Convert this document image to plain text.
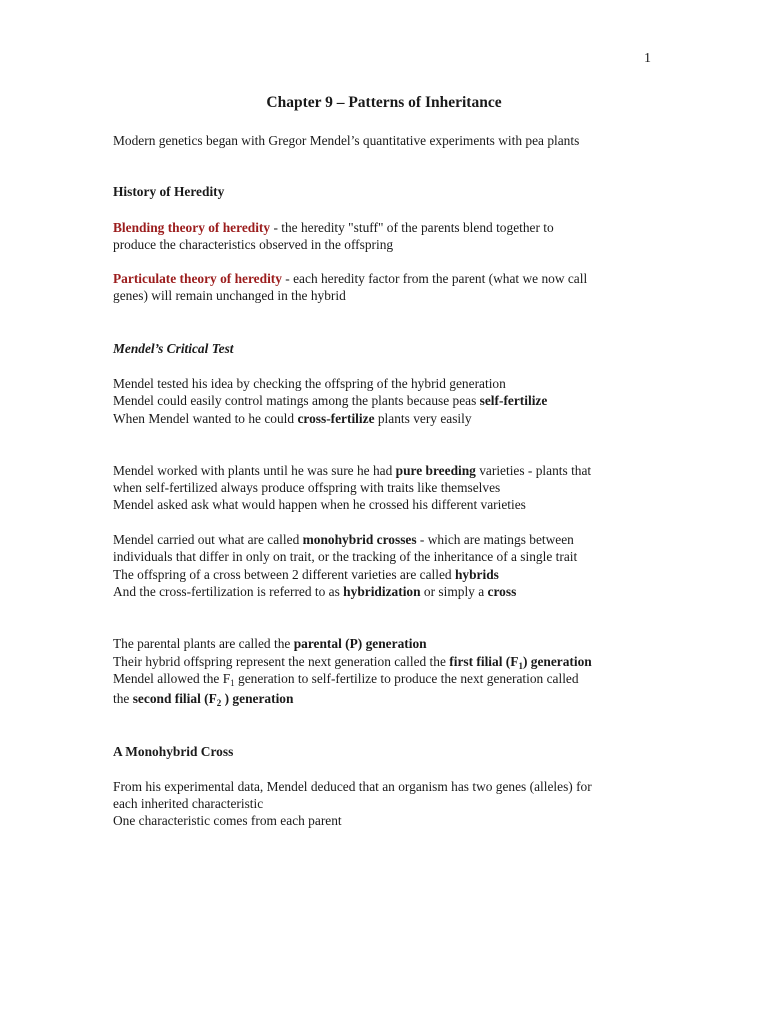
1
Chapter 9 – Patterns of Inheritance
Modern genetics began with Gregor Mendel’s quantitative experiments with pea plants
History of Heredity
Blending theory of heredity - the heredity "stuff" of the parents blend together to
produce the characteristics observed in the offspring
Particulate theory of heredity - each heredity factor from the parent (what we now call
genes) will remain unchanged in the hybrid
Mendel’s Critical Test
Mendel tested his idea by checking the offspring of the hybrid generation
Mendel could easily control matings among the plants because peas self-fertilize
When Mendel wanted to he could cross-fertilize plants very easily
Mendel worked with plants until he was sure he had pure breeding varieties - plants that
when self-fertilized always produce offspring with traits like themselves
Mendel asked ask what would happen when he crossed his different varieties
Mendel carried out what are called monohybrid crosses - which are matings between
individuals that differ in only on trait, or the tracking of the inheritance of a single trait
The offspring of a cross between 2 different varieties are called hybrids
And the cross-fertilization is referred to as hybridization or simply a cross
The parental plants are called the parental (P) generation
Their hybrid offspring represent the next generation called the first filial $(F_1)$ generation
Mendel allowed the $F_1$ generation to self-fertilize to produce the next generation called
the second filial ($F_2$ ) generation
A Monohybrid Cross
From his experimental data, Mendel deduced that an organism has two genes (alleles) for
each inherited characteristic
One characteristic comes from each parent
